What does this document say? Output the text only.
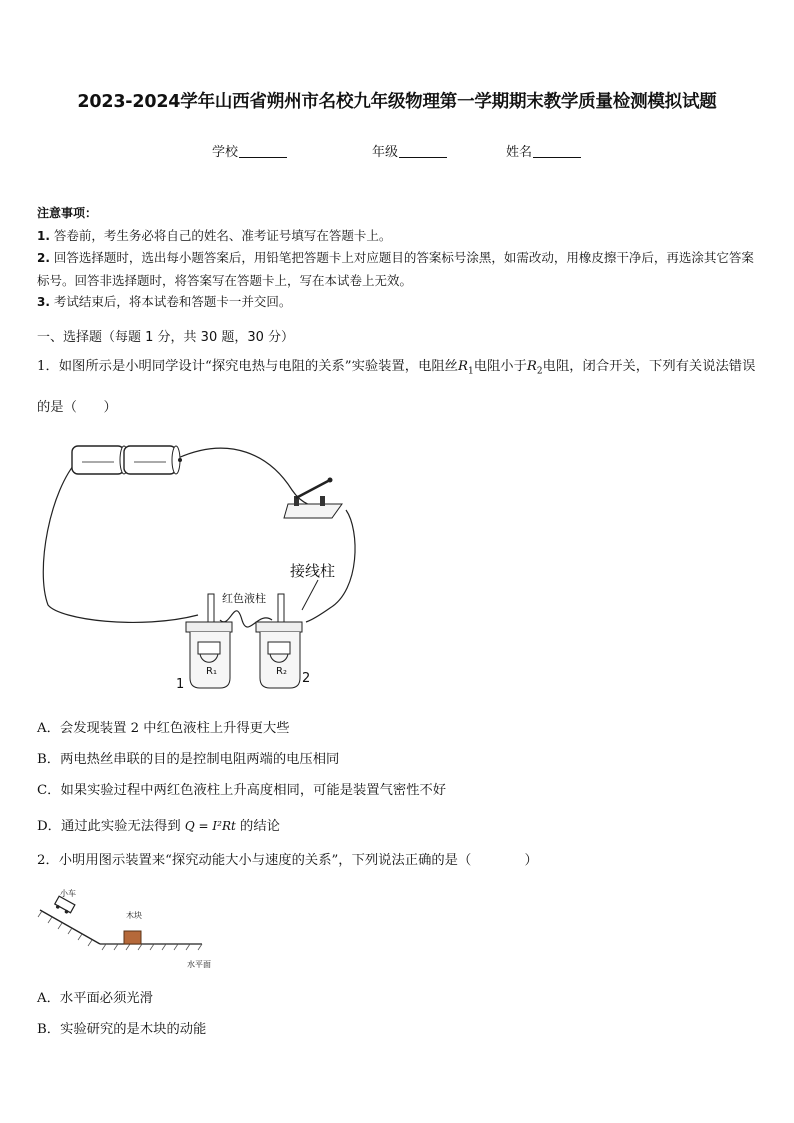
2023-2024学年山西省朔州市名校九年级物理第一学期期末教学质量检测模拟试题
学校	年级	姓名
注意事项：
1. 答卷前，考生务必将自己的姓名、准考证号填写在答题卡上。
2. 回答选择题时，选出每小题答案后，用铅笔把答题卡上对应题目的答案标号涂黑，如需改动，用橡皮擦干净后，再选涂其它答案标号。回答非选择题时，将答案写在答题卡上，写在本试卷上无效。
3. 考试结束后，将本试卷和答题卡一并交回。
一、选择题（每题 1 分，共 30 题，30 分）
1．如图所示是小明同学设计“探究电热与电阻的关系”实验装置，电阻丝$R_1$电阻小于$R_2$电阻，闭合开关，下列有关说法错误的是（　　）
接线柱
红色液柱
R₁
1
R₂ 2
A．会发现装置 2 中红色液柱上升得更大些
B．两电热丝串联的目的是控制电阻两端的电压相同
C．如果实验过程中两红色液柱上升高度相同，可能是装置气密性不好
D．通过此实验无法得到 Q = I²Rt 的结论
2．小明用图示装置来“探究动能大小与速度的关系”，下列说法正确的是（　　　　）
小车
木块
水平面
A．水平面必须光滑
B．实验研究的是木块的动能
